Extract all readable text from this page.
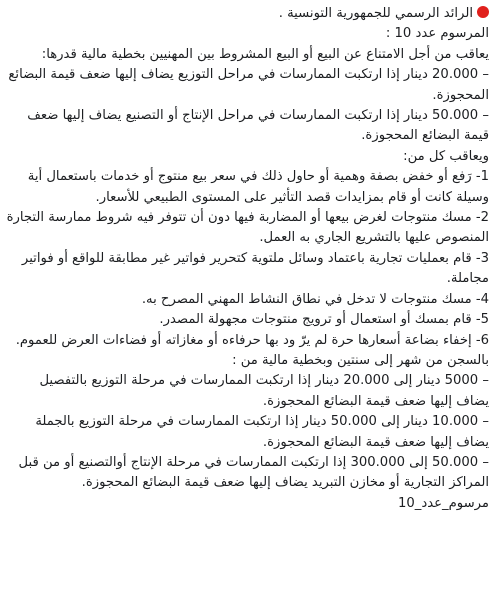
الرائد الرسمي للجمهورية التونسية .
المرسوم عدد 10 :
يعاقب من أجل الامتناع عن البيع أو البيع المشروط بين المهنيين بخطية مالية قدرها:
– 20.000 دينار إذا ارتكبت الممارسات في مراحل التوزيع يضاف إليها ضعف قيمة البضائع المحجوزة.
– 50.000 دينار إذا ارتكبت الممارسات في مراحل الإنتاج أو التصنيع يضاف إليها ضعف قيمة البضائع المحجوزة.
ويعاقب كل من:
1- رَفع أو خفض بصفة وهمية أو حاول ذلك في سعر بيع منتوج أو خدمات باستعمال أية وسيلة كانت أو قام بمزايدات قصد التأثير على المستوى الطبيعي للأسعار.
2- مسك منتوجات لغرض بيعها أو المضاربة فيها دون أن تتوفر فيه شروط ممارسة التجارة المنصوص عليها بالتشريع الجاري به العمل.
3- قام بعمليات تجارية باعتماد وسائل ملتوية كتحرير فواتير غير مطابقة للواقع أو فواتير مجاملة.
4- مسك منتوجات لا تدخل في نطاق النشاط المهني المصرح به.
5- قام بمسك أو استعمال أو ترويج منتوجات مجهولة المصدر.
6- إخفاء بضاعة أسعارها حرة لم يرّ ود بها حرفاءه أو مغازاته أو فضاءات العرض للعموم.
بالسجن من شهر إلى سنتين وبخطية مالية من :
– 5000 دينار إلى 20.000 دينار إذا ارتكبت الممارسات في مرحلة التوزيع بالتفصيل يضاف إليها ضعف قيمة البضائع المحجوزة.
– 10.000 دينار إلى 50.000 دينار إذا ارتكبت الممارسات في مرحلة التوزيع بالجملة يضاف إليها ضعف قيمة البضائع المحجوزة.
– 50.000 إلى 300.000 إذا ارتكبت الممارسات في مرحلة الإنتاج أوالتصنيع أو من قبل المراكز التجارية أو مخازن التبريد يضاف إليها ضعف قيمة البضائع المحجوزة.
مرسوم_عدد_10
